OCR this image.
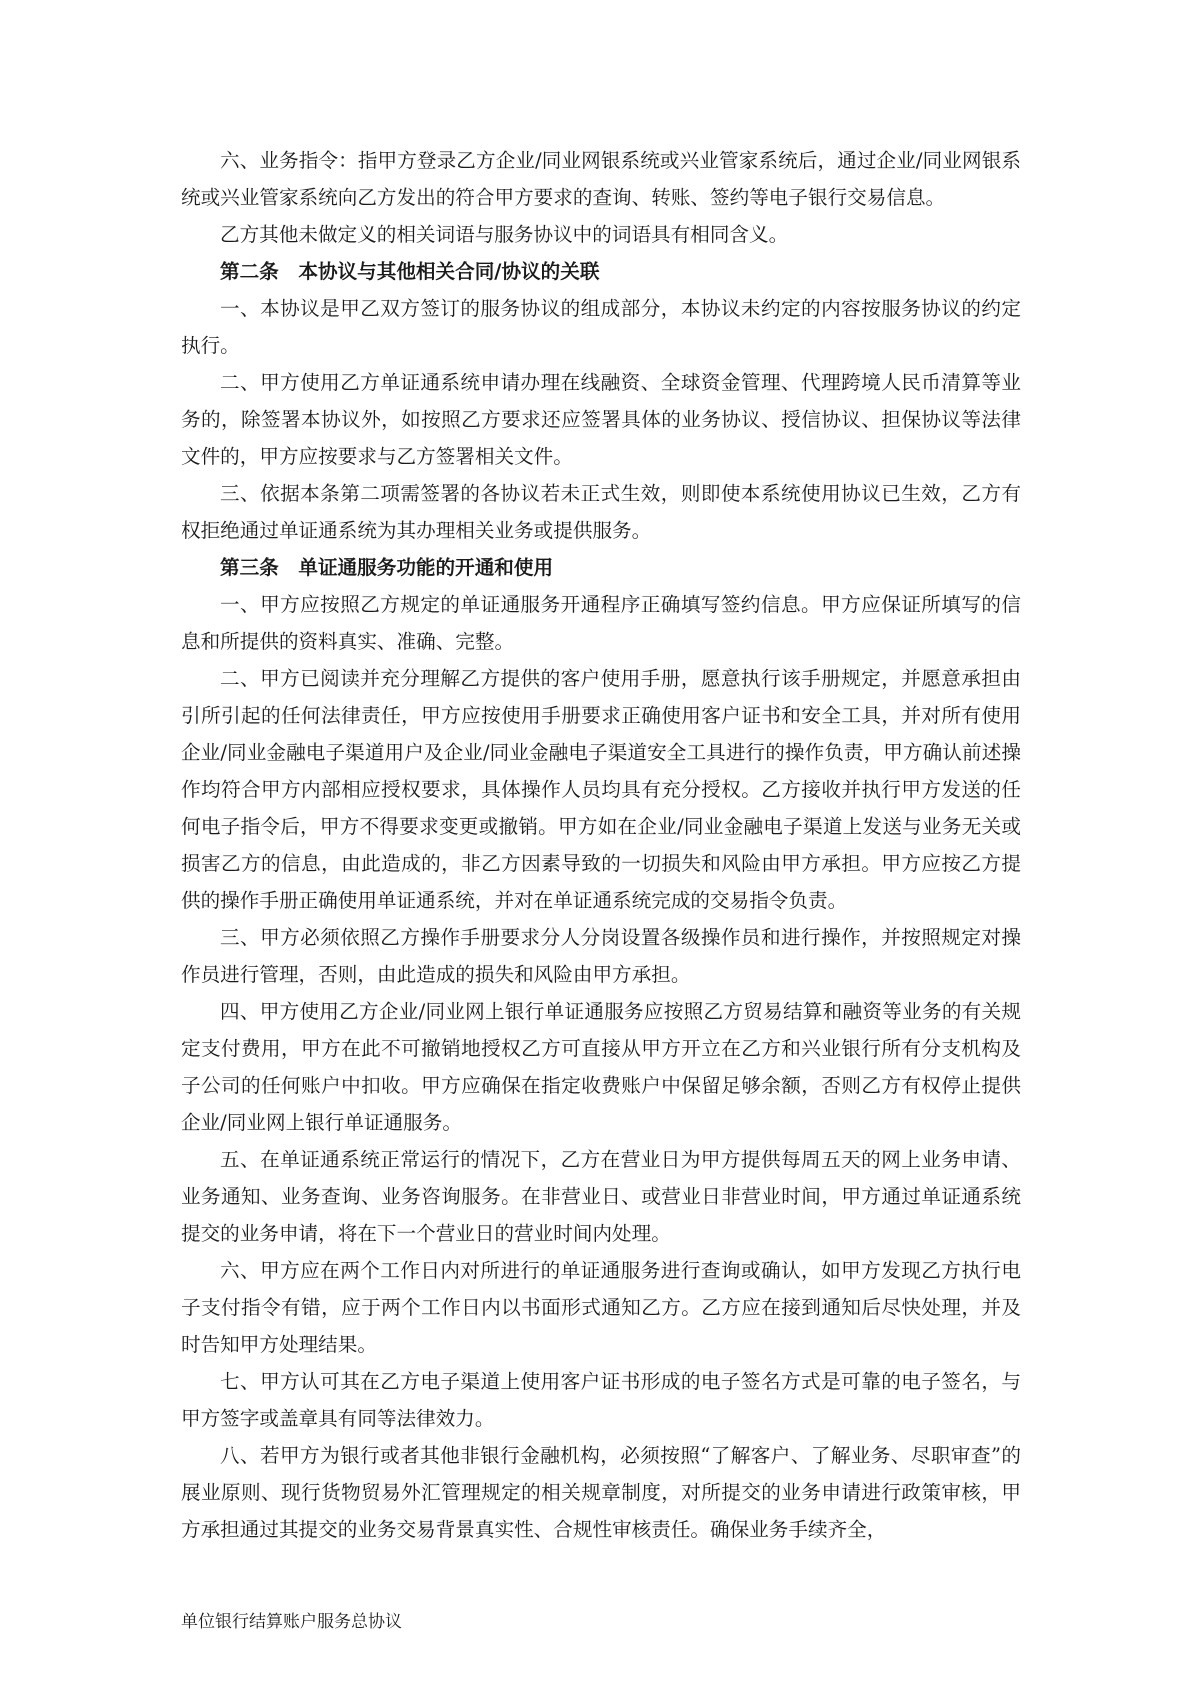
六、业务指令：指甲方登录乙方企业/同业网银系统或兴业管家系统后，通过企业/同业网银系统或兴业管家系统向乙方发出的符合甲方要求的查询、转账、签约等电子银行交易信息。

乙方其他未做定义的相关词语与服务协议中的词语具有相同含义。

第二条　本协议与其他相关合同/协议的关联

一、本协议是甲乙双方签订的服务协议的组成部分，本协议未约定的内容按服务协议的约定执行。

二、甲方使用乙方单证通系统申请办理在线融资、全球资金管理、代理跨境人民币清算等业务的，除签署本协议外，如按照乙方要求还应签署具体的业务协议、授信协议、担保协议等法律文件的，甲方应按要求与乙方签署相关文件。

三、依据本条第二项需签署的各协议若未正式生效，则即使本系统使用协议已生效，乙方有权拒绝通过单证通系统为其办理相关业务或提供服务。

第三条　单证通服务功能的开通和使用

一、甲方应按照乙方规定的单证通服务开通程序正确填写签约信息。甲方应保证所填写的信息和所提供的资料真实、准确、完整。

二、甲方已阅读并充分理解乙方提供的客户使用手册，愿意执行该手册规定，并愿意承担由引所引起的任何法律责任，甲方应按使用手册要求正确使用客户证书和安全工具，并对所有使用企业/同业金融电子渠道用户及企业/同业金融电子渠道安全工具进行的操作负责，甲方确认前述操作均符合甲方内部相应授权要求，具体操作人员均具有充分授权。乙方接收并执行甲方发送的任何电子指令后，甲方不得要求变更或撤销。甲方如在企业/同业金融电子渠道上发送与业务无关或损害乙方的信息，由此造成的，非乙方因素导致的一切损失和风险由甲方承担。甲方应按乙方提供的操作手册正确使用单证通系统，并对在单证通系统完成的交易指令负责。

三、甲方必须依照乙方操作手册要求分人分岗设置各级操作员和进行操作，并按照规定对操作员进行管理，否则，由此造成的损失和风险由甲方承担。

四、甲方使用乙方企业/同业网上银行单证通服务应按照乙方贸易结算和融资等业务的有关规定支付费用，甲方在此不可撤销地授权乙方可直接从甲方开立在乙方和兴业银行所有分支机构及子公司的任何账户中扣收。甲方应确保在指定收费账户中保留足够余额，否则乙方有权停止提供企业/同业网上银行单证通服务。

五、在单证通系统正常运行的情况下，乙方在营业日为甲方提供每周五天的网上业务申请、业务通知、业务查询、业务咨询服务。在非营业日、或营业日非营业时间，甲方通过单证通系统提交的业务申请，将在下一个营业日的营业时间内处理。

六、甲方应在两个工作日内对所进行的单证通服务进行查询或确认，如甲方发现乙方执行电子支付指令有错，应于两个工作日内以书面形式通知乙方。乙方应在接到通知后尽快处理，并及时告知甲方处理结果。

七、甲方认可其在乙方电子渠道上使用客户证书形成的电子签名方式是可靠的电子签名，与甲方签字或盖章具有同等法律效力。

八、若甲方为银行或者其他非银行金融机构，必须按照“了解客户、了解业务、尽职审查”的展业原则、现行货物贸易外汇管理规定的相关规章制度，对所提交的业务申请进行政策审核，甲方承担通过其提交的业务交易背景真实性、合规性审核责任。确保业务手续齐全，

单位银行结算账户服务总协议
